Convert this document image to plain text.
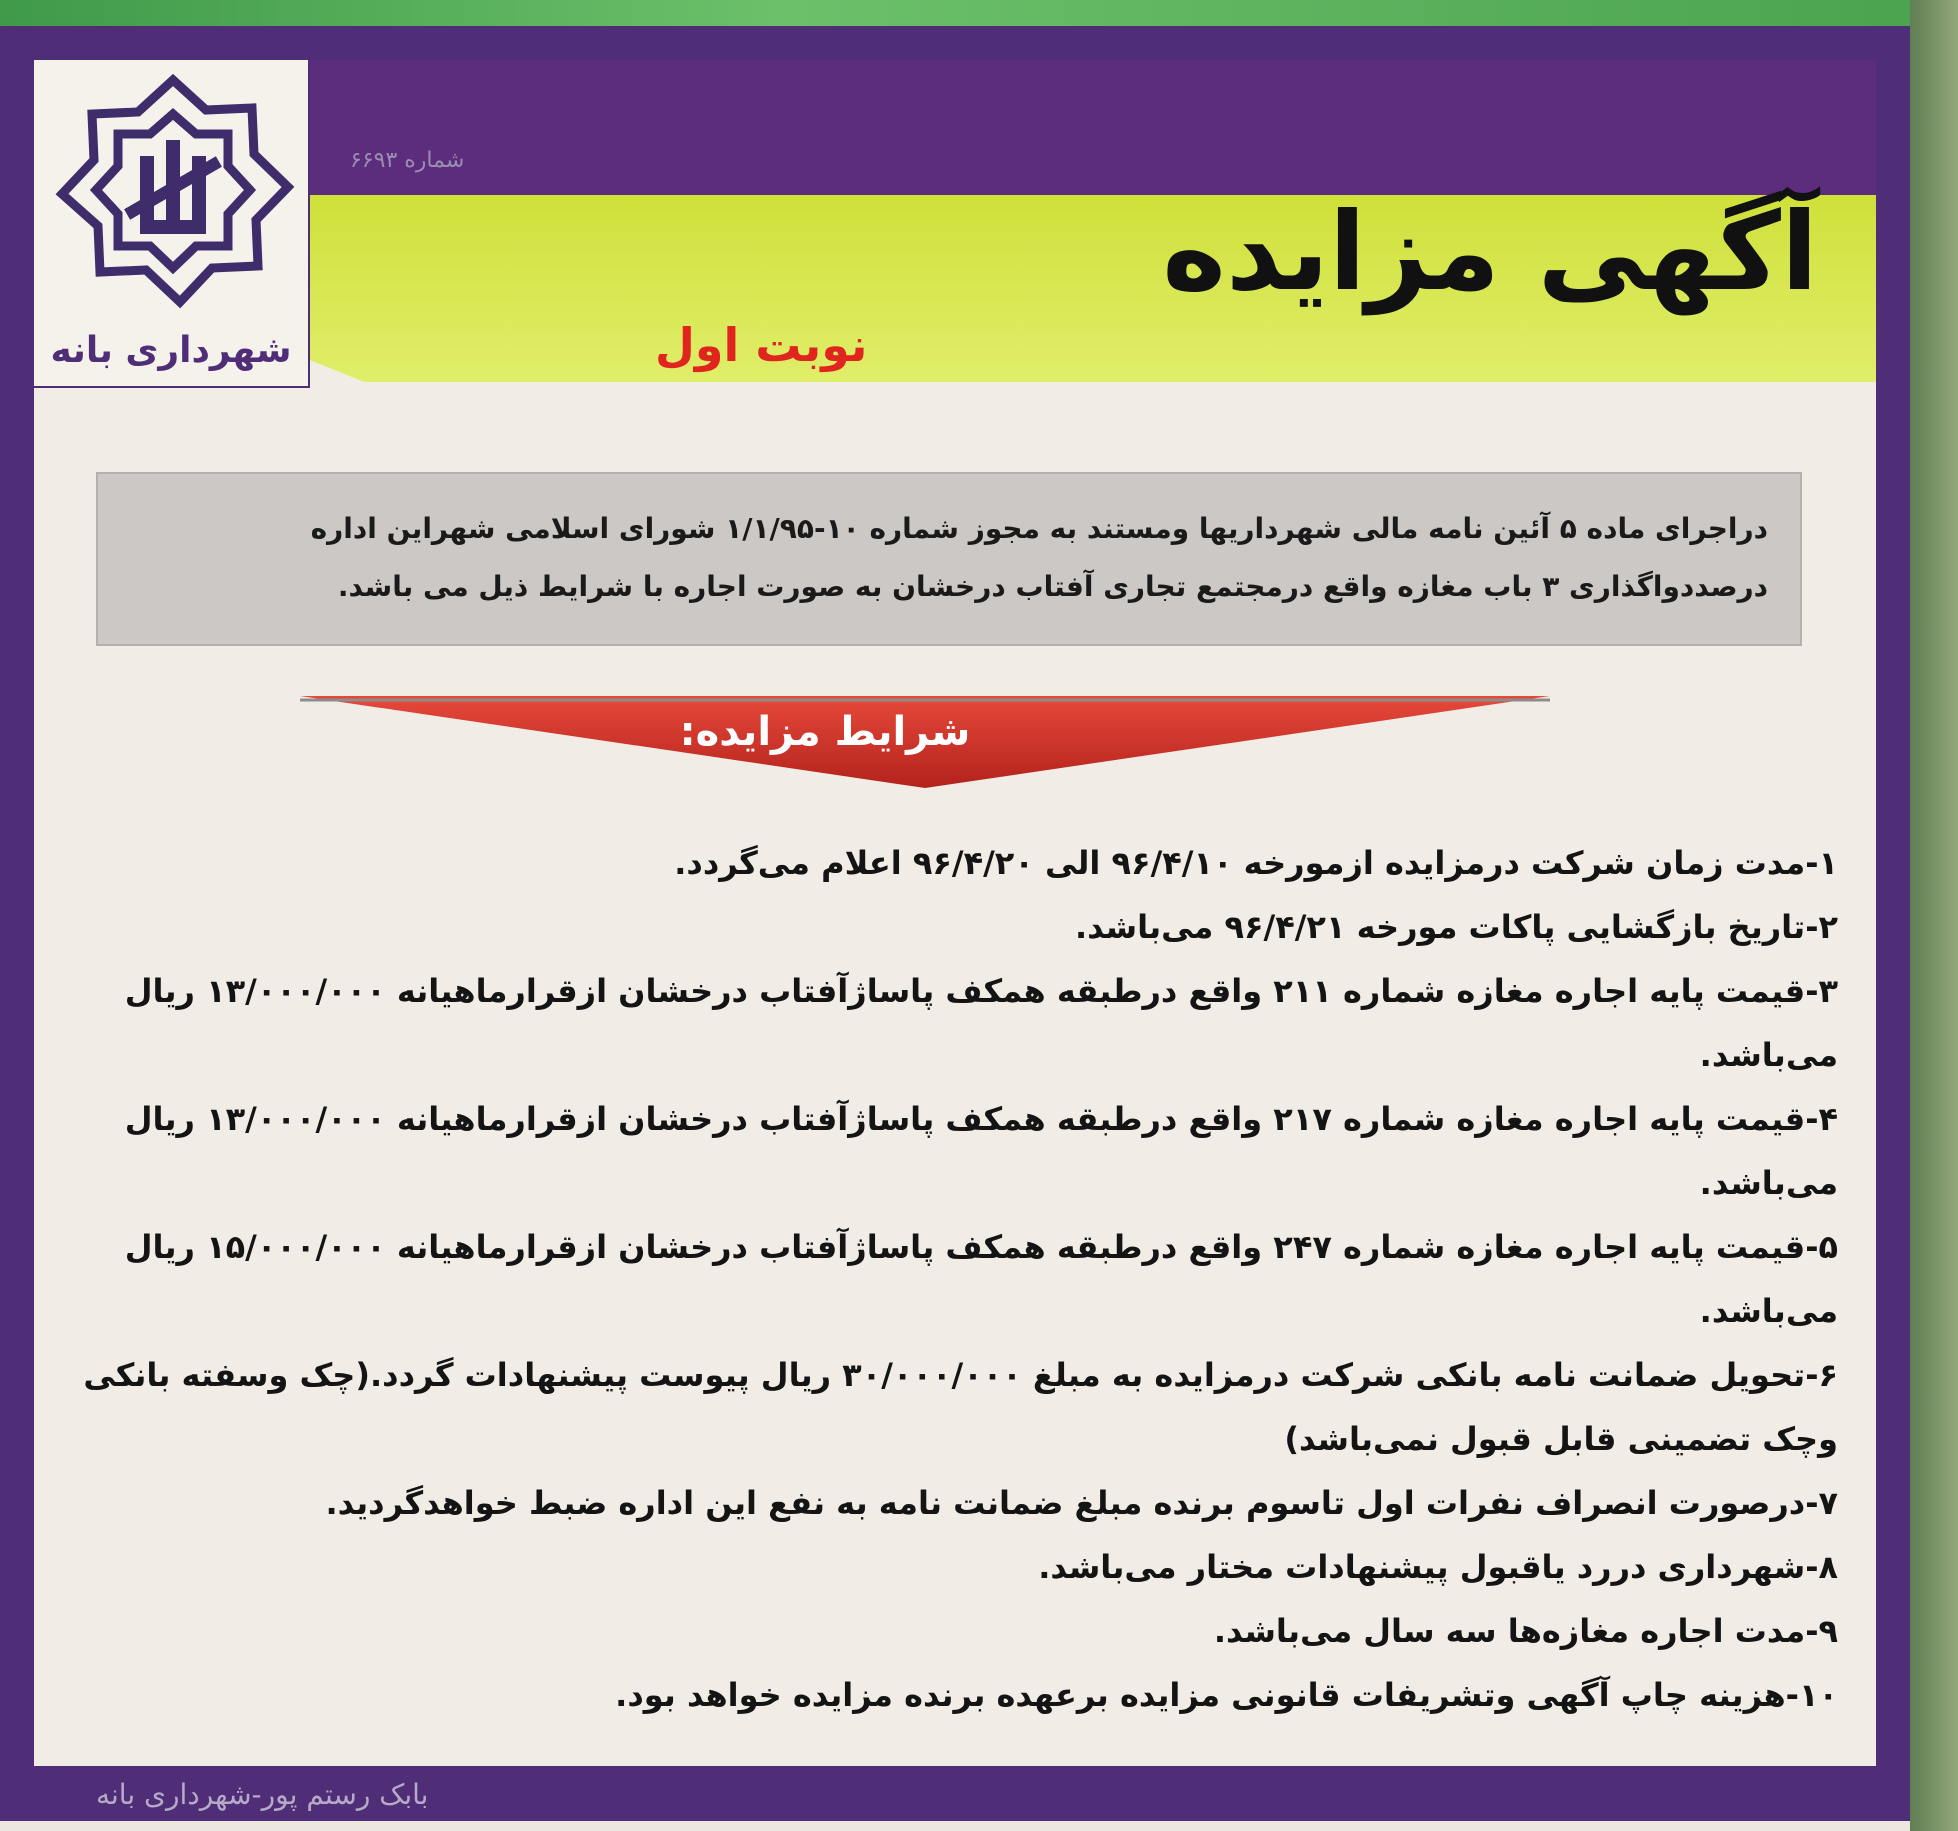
شهرداری بانه
شماره ۶۶۹۳
آگهی مزایده
نوبت اول
دراجرای ماده ۵ آئین نامه مالی شهرداریها ومستند به مجوز شماره ۱۰-۱/۱/۹۵ شورای اسلامی شهراین اداره
درصددواگذاری ۳ باب مغازه واقع درمجتمع تجاری آفتاب درخشان به صورت اجاره با شرایط ذیل می باشد.
شرایط مزایده:
۱-مدت زمان شرکت درمزایده ازمورخه ۹۶/۴/۱۰ الی ۹۶/۴/۲۰ اعلام می‌گردد.
۲-تاریخ بازگشایی پاکات مورخه ۹۶/۴/۲۱ می‌باشد.
۳-قیمت پایه اجاره مغازه شماره ۲۱۱ واقع درطبقه همکف پاساژآفتاب درخشان ازقرارماهیانه ۱۳/۰۰۰/۰۰۰ ریال می‌باشد.
۴-قیمت پایه اجاره مغازه شماره ۲۱۷ واقع درطبقه همکف پاساژآفتاب درخشان ازقرارماهیانه ۱۳/۰۰۰/۰۰۰ ریال می‌باشد.
۵-قیمت پایه اجاره مغازه شماره ۲۴۷ واقع درطبقه همکف پاساژآفتاب درخشان ازقرارماهیانه ۱۵/۰۰۰/۰۰۰ ریال می‌باشد.
۶-تحویل ضمانت نامه بانکی شرکت درمزایده به مبلغ ۳۰/۰۰۰/۰۰۰ ریال پیوست پیشنهادات گردد.(چک وسفته بانکی وچک تضمینی قابل قبول نمی‌باشد)
۷-درصورت انصراف نفرات اول تاسوم برنده مبلغ ضمانت نامه به نفع این اداره ضبط خواهدگردید.
۸-شهرداری دررد یاقبول پیشنهادات مختار می‌باشد.
۹-مدت اجاره مغازه‌ها سه سال می‌باشد.
۱۰-هزینه چاپ آگهی وتشریفات قانونی مزایده برعهده برنده مزایده خواهد بود.
بابک رستم پور-شهرداری بانه
